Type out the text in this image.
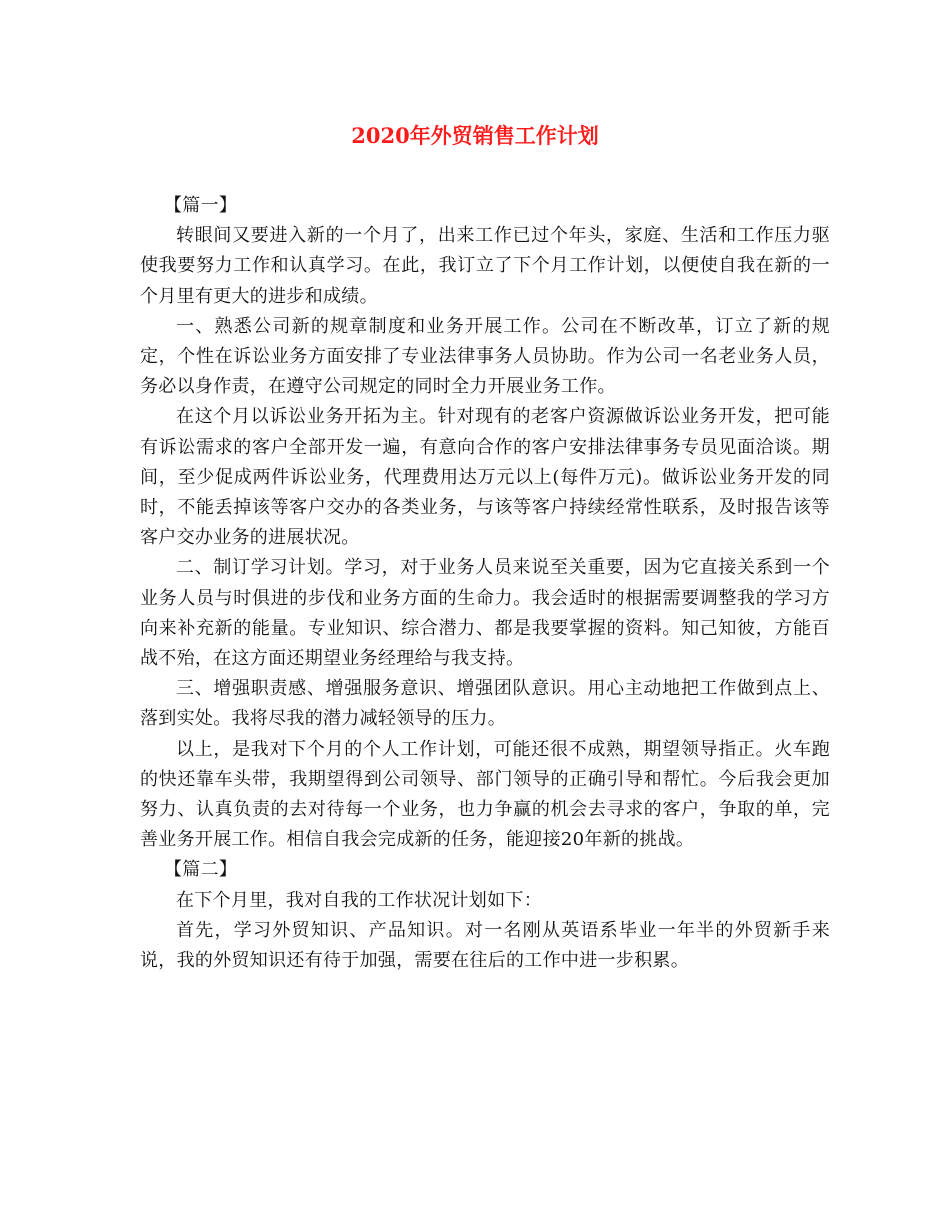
2020年外贸销售工作计划

【篇一】

转眼间又要进入新的一个月了，出来工作已过个年头，家庭、生活和工作压力驱使我要努力工作和认真学习。在此，我订立了下个月工作计划，以便使自我在新的一个月里有更大的进步和成绩。

一、熟悉公司新的规章制度和业务开展工作。公司在不断改革，订立了新的规定，个性在诉讼业务方面安排了专业法律事务人员协助。作为公司一名老业务人员，务必以身作责，在遵守公司规定的同时全力开展业务工作。

在这个月以诉讼业务开拓为主。针对现有的老客户资源做诉讼业务开发，把可能有诉讼需求的客户全部开发一遍，有意向合作的客户安排法律事务专员见面洽谈。期间，至少促成两件诉讼业务，代理费用达万元以上(每件万元)。做诉讼业务开发的同时，不能丢掉该等客户交办的各类业务，与该等客户持续经常性联系，及时报告该等客户交办业务的进展状况。

二、制订学习计划。学习，对于业务人员来说至关重要，因为它直接关系到一个业务人员与时俱进的步伐和业务方面的生命力。我会适时的根据需要调整我的学习方向来补充新的能量。专业知识、综合潜力、都是我要掌握的资料。知己知彼，方能百战不殆，在这方面还期望业务经理给与我支持。

三、增强职责感、增强服务意识、增强团队意识。用心主动地把工作做到点上、落到实处。我将尽我的潜力减轻领导的压力。

以上，是我对下个月的个人工作计划，可能还很不成熟，期望领导指正。火车跑的快还靠车头带，我期望得到公司领导、部门领导的正确引导和帮忙。今后我会更加努力、认真负责的去对待每一个业务，也力争赢的机会去寻求的客户，争取的单，完善业务开展工作。相信自我会完成新的任务，能迎接20年新的挑战。

【篇二】

在下个月里，我对自我的工作状况计划如下：

首先，学习外贸知识、产品知识。对一名刚从英语系毕业一年半的外贸新手来说，我的外贸知识还有待于加强，需要在往后的工作中进一步积累。
